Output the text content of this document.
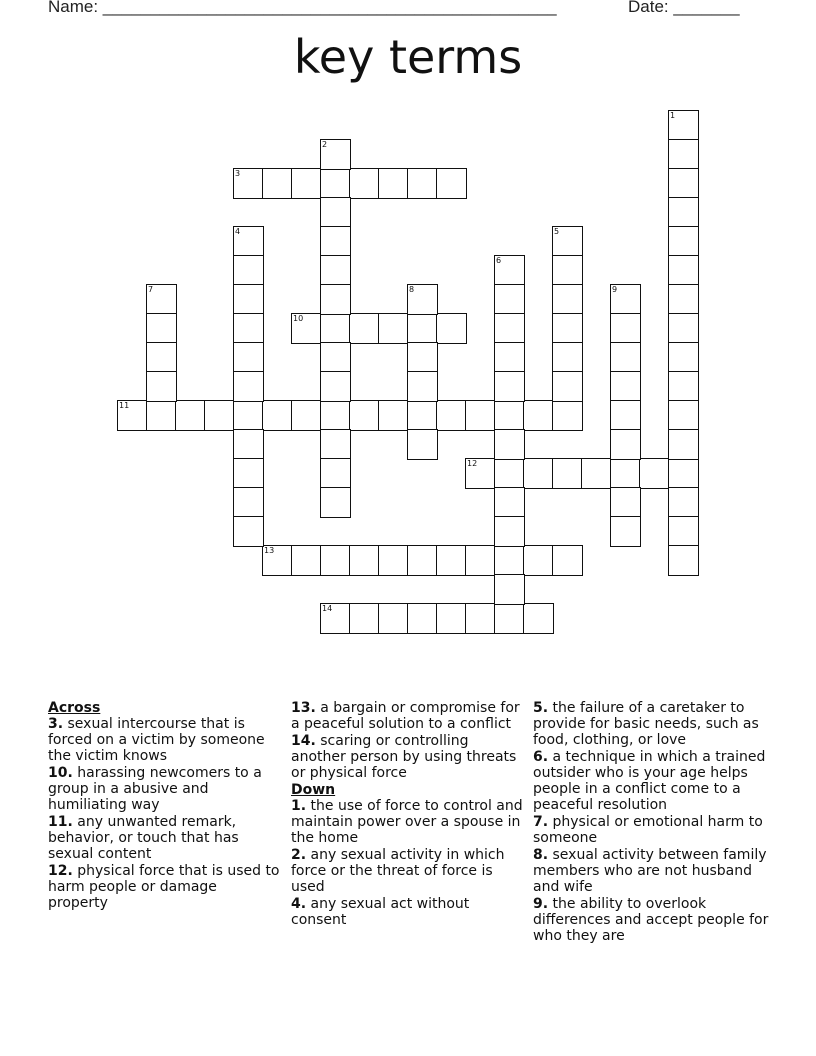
Name: ________________________________________________	Date: _______
key terms
3
10
11
12
13
14
1
2
4	5
6
7	8	9
Across
3. sexual intercourse that is forced on a victim by someone the victim knows
10. harassing newcomers to a group in a abusive and humiliating way
11. any unwanted remark, behavior, or touch that has sexual content
12. physical force that is used to harm people or damage property
13. a bargain or compromise for a peaceful solution to a conflict
14. scaring or controlling another person by using threats or physical force
Down
1. the use of force to control and maintain power over a spouse in the home
2. any sexual activity in which force or the threat of force is used
4. any sexual act without consent
5. the failure of a caretaker to provide for basic needs, such as food, clothing, or love
6. a technique in which a trained outsider who is your age helps people in a conflict come to a peaceful resolution
7. physical or emotional harm to someone
8. sexual activity between family members who are not husband and wife
9. the ability to overlook differences and accept people for who they are
